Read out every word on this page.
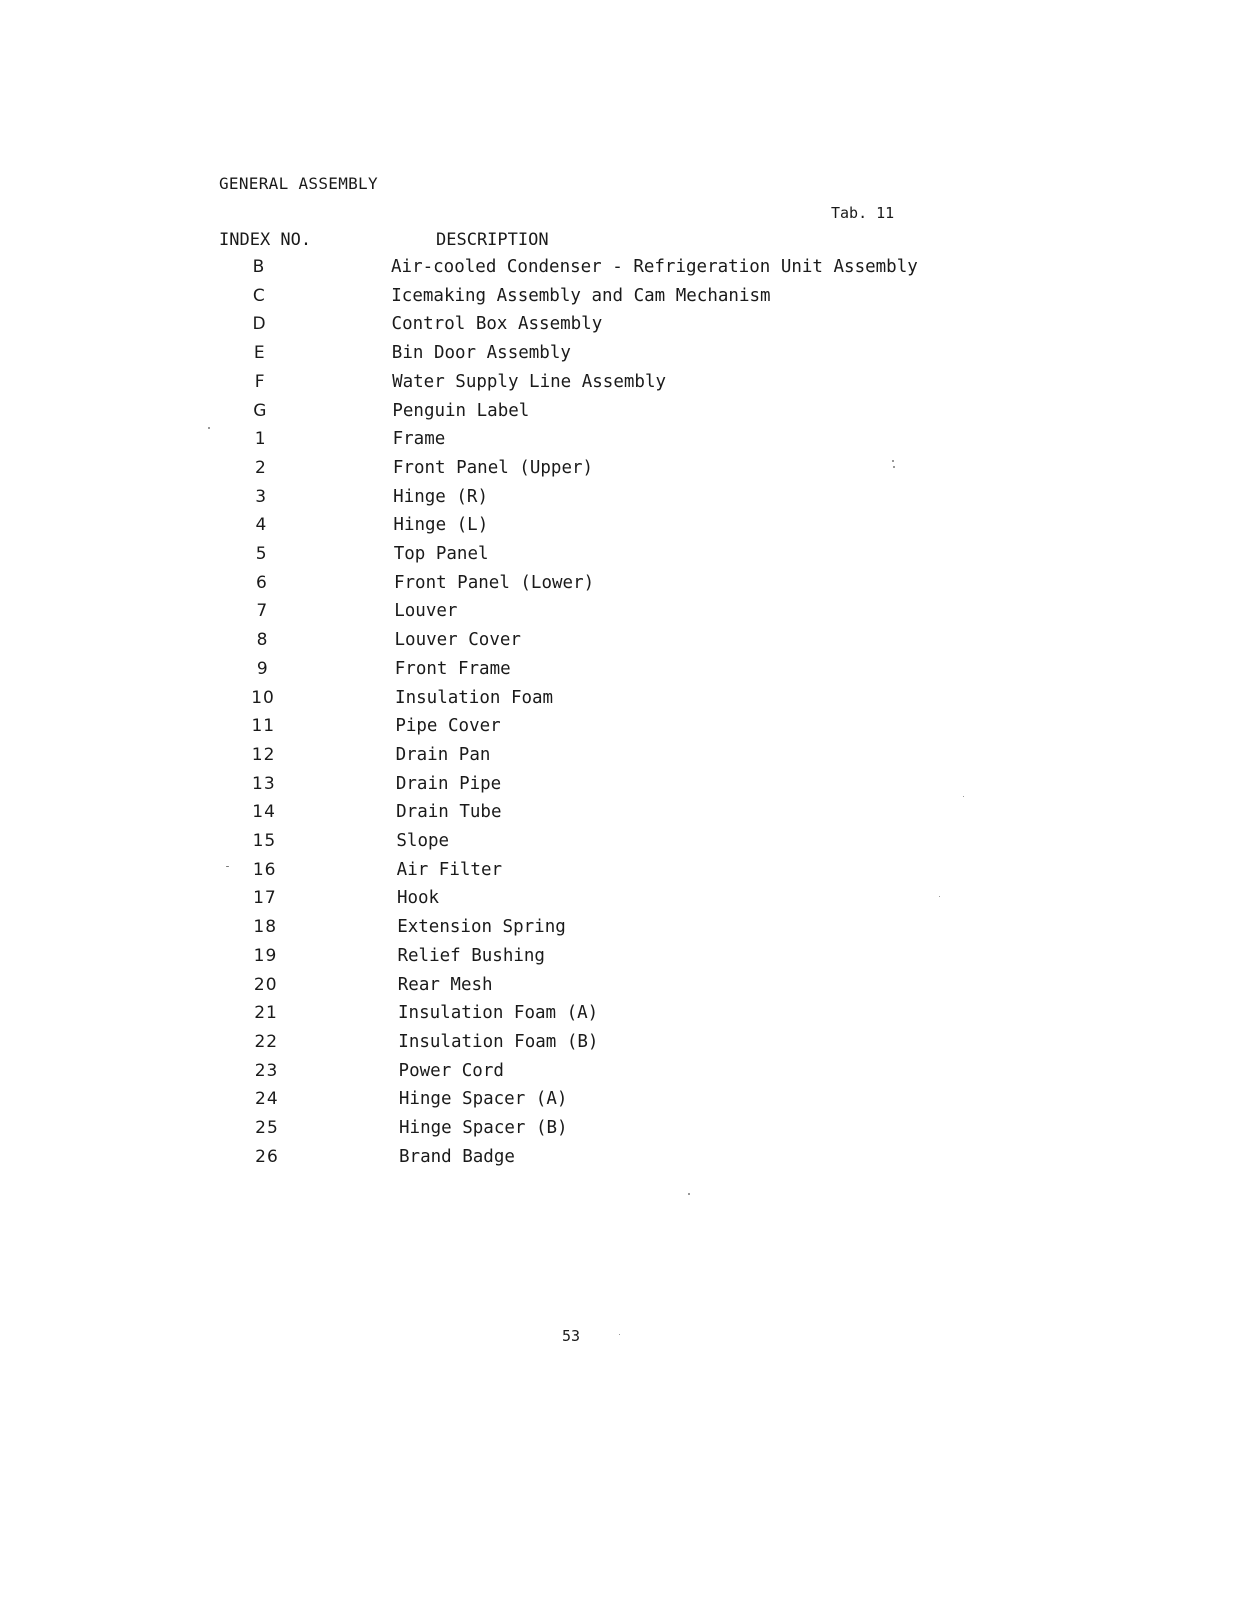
GENERAL ASSEMBLY
Tab. 11
INDEX NO.	DESCRIPTION
B	Air-cooled Condenser - Refrigeration Unit Assembly
C	Icemaking Assembly and Cam Mechanism
D	Control Box Assembly
E	Bin Door Assembly
F	Water Supply Line Assembly
G	Penguin Label
1	Frame
2	Front Panel (Upper)
3	Hinge (R)
4	Hinge (L)
5	Top Panel
6	Front Panel (Lower)
7	Louver
8	Louver Cover
9	Front Frame
10	Insulation Foam
11	Pipe Cover
12	Drain Pan
13	Drain Pipe
14	Drain Tube
15	Slope
16	Air Filter
17	Hook
18	Extension Spring
19	Relief Bushing
20	Rear Mesh
21	Insulation Foam (A)
22	Insulation Foam (B)
23	Power Cord
24	Hinge Spacer (A)
25	Hinge Spacer (B)
26	Brand Badge
53
